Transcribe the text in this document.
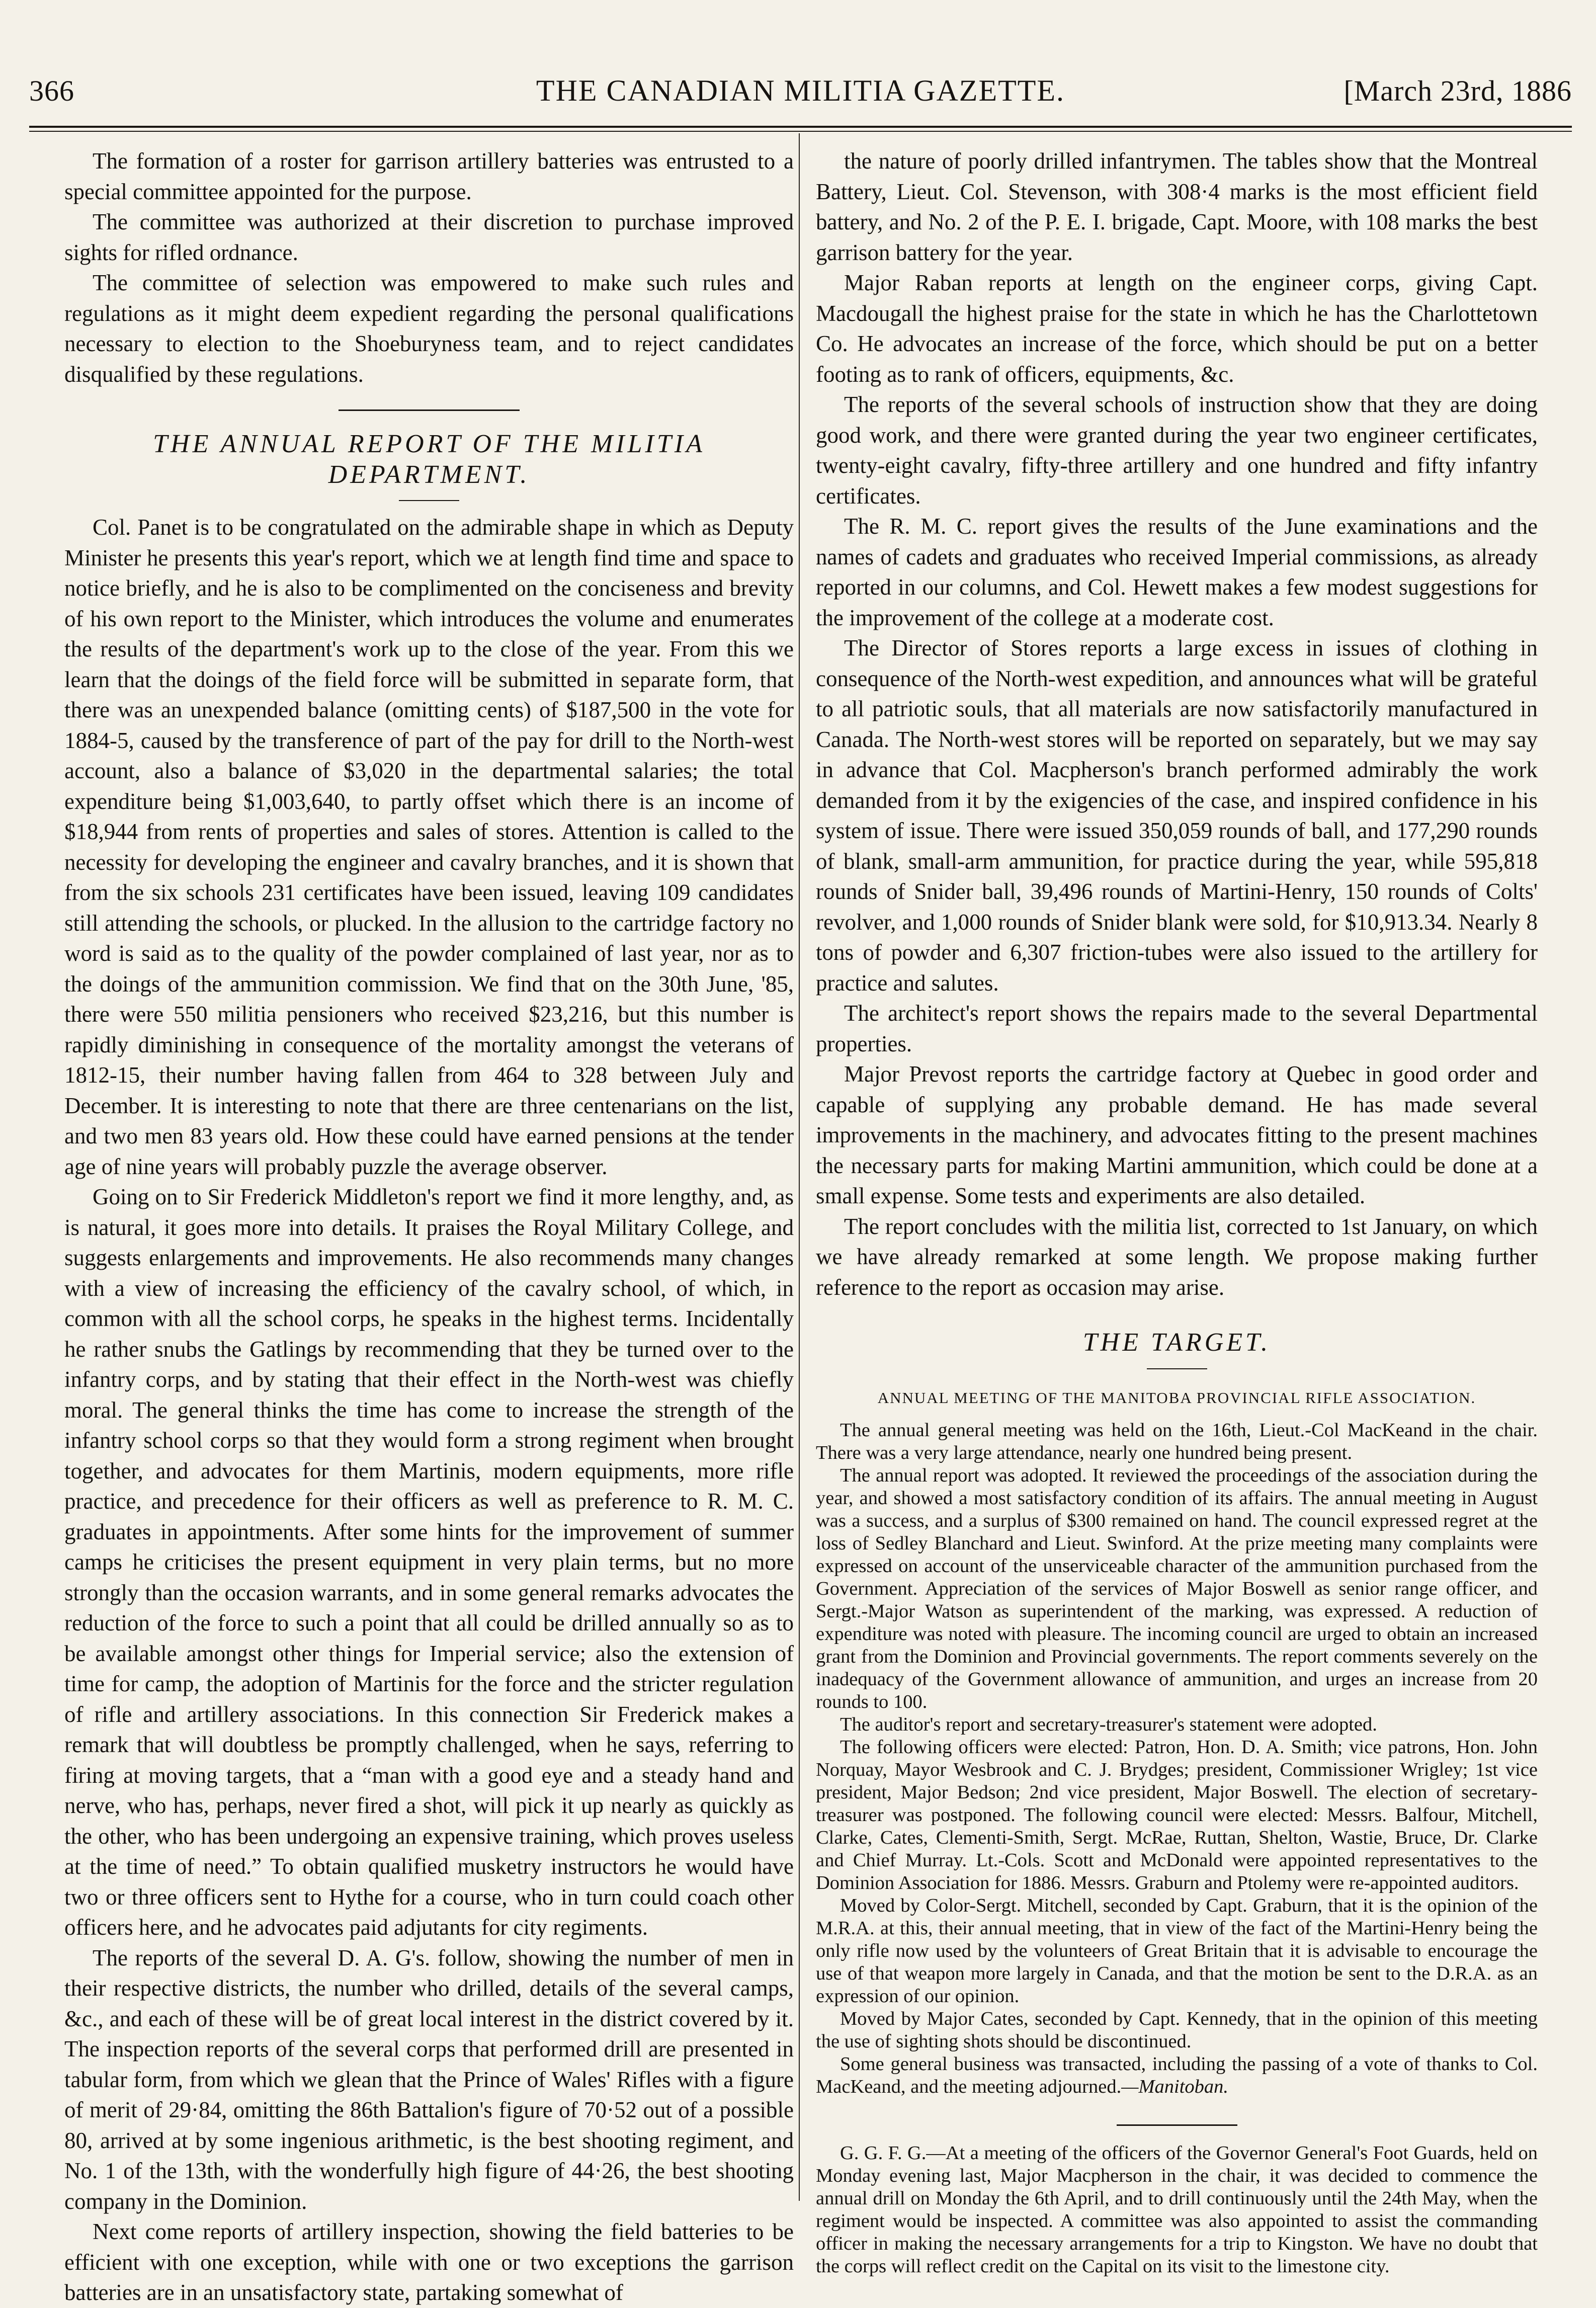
366	THE CANADIAN MILITIA GAZETTE.	[March 23rd, 1886

The formation of a roster for garrison artillery batteries was entrusted to a special committee appointed for the purpose.

The committee was authorized at their discretion to purchase improved sights for rifled ordnance.

The committee of selection was empowered to make such rules and regulations as it might deem expedient regarding the personal qualifications necessary to election to the Shoeburyness team, and to reject candidates disqualified by these regulations.

THE ANNUAL REPORT OF THE MILITIA DEPARTMENT.

Col. Panet is to be congratulated on the admirable shape in which as Deputy Minister he presents this year's report, which we at length find time and space to notice briefly, and he is also to be complimented on the conciseness and brevity of his own report to the Minister, which introduces the volume and enumerates the results of the department's work up to the close of the year. From this we learn that the doings of the field force will be submitted in separate form, that there was an unexpended balance (omitting cents) of $187,500 in the vote for 1884-5, caused by the transference of part of the pay for drill to the North-west account, also a balance of $3,020 in the departmental salaries; the total expenditure being $1,003,640, to partly offset which there is an income of $18,944 from rents of properties and sales of stores. Attention is called to the necessity for developing the engineer and cavalry branches, and it is shown that from the six schools 231 certificates have been issued, leaving 109 candidates still attending the schools, or plucked. In the allusion to the cartridge factory no word is said as to the quality of the powder complained of last year, nor as to the doings of the ammunition commission. We find that on the 30th June, '85, there were 550 militia pensioners who received $23,216, but this number is rapidly diminishing in consequence of the mortality amongst the veterans of 1812-15, their number having fallen from 464 to 328 between July and December. It is interesting to note that there are three centenarians on the list, and two men 83 years old. How these could have earned pensions at the tender age of nine years will probably puzzle the average observer.

Going on to Sir Frederick Middleton's report we find it more lengthy, and, as is natural, it goes more into details. It praises the Royal Military College, and suggests enlargements and improvements. He also recommends many changes with a view of increasing the efficiency of the cavalry school, of which, in common with all the school corps, he speaks in the highest terms. Incidentally he rather snubs the Gatlings by recommending that they be turned over to the infantry corps, and by stating that their effect in the North-west was chiefly moral. The general thinks the time has come to increase the strength of the infantry school corps so that they would form a strong regiment when brought together, and advocates for them Martinis, modern equipments, more rifle practice, and precedence for their officers as well as preference to R. M. C. graduates in appointments. After some hints for the improvement of summer camps he criticises the present equipment in very plain terms, but no more strongly than the occasion warrants, and in some general remarks advocates the reduction of the force to such a point that all could be drilled annually so as to be available amongst other things for Imperial service; also the extension of time for camp, the adoption of Martinis for the force and the stricter regulation of rifle and artillery associations. In this connection Sir Frederick makes a remark that will doubtless be promptly challenged, when he says, referring to firing at moving targets, that a “man with a good eye and a steady hand and nerve, who has, perhaps, never fired a shot, will pick it up nearly as quickly as the other, who has been undergoing an expensive training, which proves useless at the time of need.” To obtain qualified musketry instructors he would have two or three officers sent to Hythe for a course, who in turn could coach other officers here, and he advocates paid adjutants for city regiments.

The reports of the several D. A. G's. follow, showing the number of men in their respective districts, the number who drilled, details of the several camps, &c., and each of these will be of great local interest in the district covered by it. The inspection reports of the several corps that performed drill are presented in tabular form, from which we glean that the Prince of Wales' Rifles with a figure of merit of 29·84, omitting the 86th Battalion's figure of 70·52 out of a possible 80, arrived at by some ingenious arithmetic, is the best shooting regiment, and No. 1 of the 13th, with the wonderfully high figure of 44·26, the best shooting company in the Dominion.

Next come reports of artillery inspection, showing the field batteries to be efficient with one exception, while with one or two exceptions the garrison batteries are in an unsatisfactory state, partaking somewhat of

the nature of poorly drilled infantrymen. The tables show that the Montreal Battery, Lieut. Col. Stevenson, with 308·4 marks is the most efficient field battery, and No. 2 of the P. E. I. brigade, Capt. Moore, with 108 marks the best garrison battery for the year.

Major Raban reports at length on the engineer corps, giving Capt. Macdougall the highest praise for the state in which he has the Charlottetown Co. He advocates an increase of the force, which should be put on a better footing as to rank of officers, equipments, &c.

The reports of the several schools of instruction show that they are doing good work, and there were granted during the year two engineer certificates, twenty-eight cavalry, fifty-three artillery and one hundred and fifty infantry certificates.

The R. M. C. report gives the results of the June examinations and the names of cadets and graduates who received Imperial commissions, as already reported in our columns, and Col. Hewett makes a few modest suggestions for the improvement of the college at a moderate cost.

The Director of Stores reports a large excess in issues of clothing in consequence of the North-west expedition, and announces what will be grateful to all patriotic souls, that all materials are now satisfactorily manufactured in Canada. The North-west stores will be reported on separately, but we may say in advance that Col. Macpherson's branch performed admirably the work demanded from it by the exigencies of the case, and inspired confidence in his system of issue. There were issued 350,059 rounds of ball, and 177,290 rounds of blank, small-arm ammunition, for practice during the year, while 595,818 rounds of Snider ball, 39,496 rounds of Martini-Henry, 150 rounds of Colts' revolver, and 1,000 rounds of Snider blank were sold, for $10,913.34. Nearly 8 tons of powder and 6,307 friction-tubes were also issued to the artillery for practice and salutes.

The architect's report shows the repairs made to the several Departmental properties.

Major Prevost reports the cartridge factory at Quebec in good order and capable of supplying any probable demand. He has made several improvements in the machinery, and advocates fitting to the present machines the necessary parts for making Martini ammunition, which could be done at a small expense. Some tests and experiments are also detailed.

The report concludes with the militia list, corrected to 1st January, on which we have already remarked at some length. We propose making further reference to the report as occasion may arise.

THE TARGET.
ANNUAL MEETING OF THE MANITOBA PROVINCIAL RIFLE ASSOCIATION.

The annual general meeting was held on the 16th, Lieut.-Col MacKeand in the chair. There was a very large attendance, nearly one hundred being present.

The annual report was adopted. It reviewed the proceedings of the association during the year, and showed a most satisfactory condition of its affairs. The annual meeting in August was a success, and a surplus of $300 remained on hand. The council expressed regret at the loss of Sedley Blanchard and Lieut. Swinford. At the prize meeting many complaints were expressed on account of the unserviceable character of the ammunition purchased from the Government. Appreciation of the services of Major Boswell as senior range officer, and Sergt.-Major Watson as superintendent of the marking, was expressed. A reduction of expenditure was noted with pleasure. The incoming council are urged to obtain an increased grant from the Dominion and Provincial governments. The report comments severely on the inadequacy of the Government allowance of ammunition, and urges an increase from 20 rounds to 100.

The auditor's report and secretary-treasurer's statement were adopted.

The following officers were elected: Patron, Hon. D. A. Smith; vice patrons, Hon. John Norquay, Mayor Wesbrook and C. J. Brydges; president, Commissioner Wrigley; 1st vice president, Major Bedson; 2nd vice president, Major Boswell. The election of secretary-treasurer was postponed. The following council were elected: Messrs. Balfour, Mitchell, Clarke, Cates, Clementi-Smith, Sergt. McRae, Ruttan, Shelton, Wastie, Bruce, Dr. Clarke and Chief Murray. Lt.-Cols. Scott and McDonald were appointed representatives to the Dominion Association for 1886. Messrs. Graburn and Ptolemy were re-appointed auditors.

Moved by Color-Sergt. Mitchell, seconded by Capt. Graburn, that it is the opinion of the M.R.A. at this, their annual meeting, that in view of the fact of the Martini-Henry being the only rifle now used by the volunteers of Great Britain that it is advisable to encourage the use of that weapon more largely in Canada, and that the motion be sent to the D.R.A. as an expression of our opinion.

Moved by Major Cates, seconded by Capt. Kennedy, that in the opinion of this meeting the use of sighting shots should be discontinued.

Some general business was transacted, including the passing of a vote of thanks to Col. MacKeand, and the meeting adjourned.—Manitoban.

G. G. F. G.—At a meeting of the officers of the Governor General's Foot Guards, held on Monday evening last, Major Macpherson in the chair, it was decided to commence the annual drill on Monday the 6th April, and to drill continuously until the 24th May, when the regiment would be inspected. A committee was also appointed to assist the commanding officer in making the necessary arrangements for a trip to Kingston. We have no doubt that the corps will reflect credit on the Capital on its visit to the limestone city.
